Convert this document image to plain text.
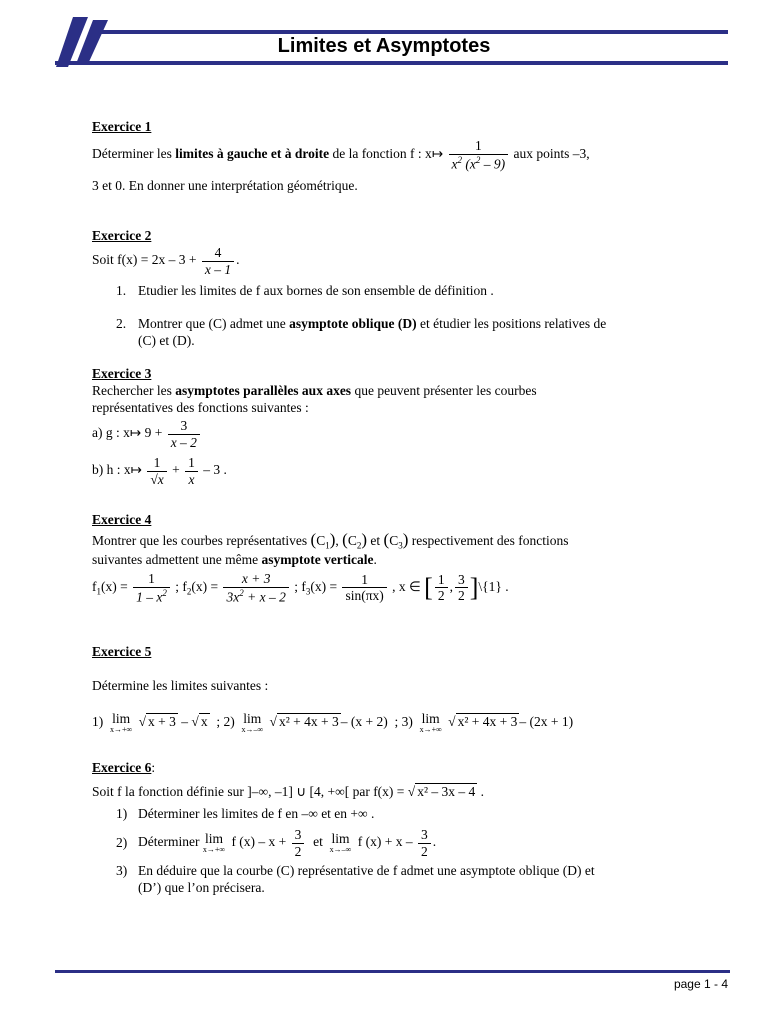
Limites et Asymptotes
Exercice 1
Déterminer les limites à gauche et à droite de la fonction f : x↦ $\frac{1}{x^2 (x^2 - 9)}$ aux points –3,
3 et 0. En donner une interprétation géométrique.
Exercice 2
Soit $f(x) = 2x - 3 + \frac{4}{x - 1}$ .
1. Etudier les limites de f aux bornes de son ensemble de définition .
2. Montrer que (C) admet une asymptote oblique (D) et étudier les positions relatives de
(C) et (D).
Exercice 3
Rechercher les asymptotes parallèles aux axes que peuvent présenter les courbes
représentatives des fonctions suivantes :
a) g : x↦ $9 + \frac{3}{x - 2}$
b) h : x↦ $\frac{1}{√x} + \frac{1}{x} - 3$ .
Exercice 4
Montrer que les courbes représentatives $(C_1)$, $(C_2)$ et $(C_3)$ respectivement des fonctions
suivantes admettent une même asymptote verticale.
$f_1(x) = \frac{1}{1 - x^2}$ ; $f_2(x) = \frac{x + 3}{3x^2 + x - 2}$ ; $f_3(x) = \frac{1}{\sin(\pi x)}$ , x ∈ [ $\frac{1}{2}$ , $\frac{3}{2}$ ]\{1} .
Exercice 5
Détermine les limites suivantes :
1) lim
x→+∞
√ x + 3 – √ x ; 2) lim
x→–∞
√ x² + 4x + 3 – (x + 2) ; 3) lim
x→+∞
√ x² + 4x + 3 – (2x + 1)
Exercice 6:
Soit f la fonction définie sur ]–∞, –1] ∪ [4, +∞[ par f(x) = √ x² – 3x – 4 .
1) Déterminer les limites de f en –∞ et en +∞ .
2) Déterminer lim
x→+∞
f $(x) - x + \frac{3}{2}$ et lim
x→–∞
f $(x) + x - \frac{3}{2}$ .
3) En déduire que la courbe (C) représentative de f admet une asymptote oblique (D) et
(D’) que l’on précisera.
page 1 - 4
